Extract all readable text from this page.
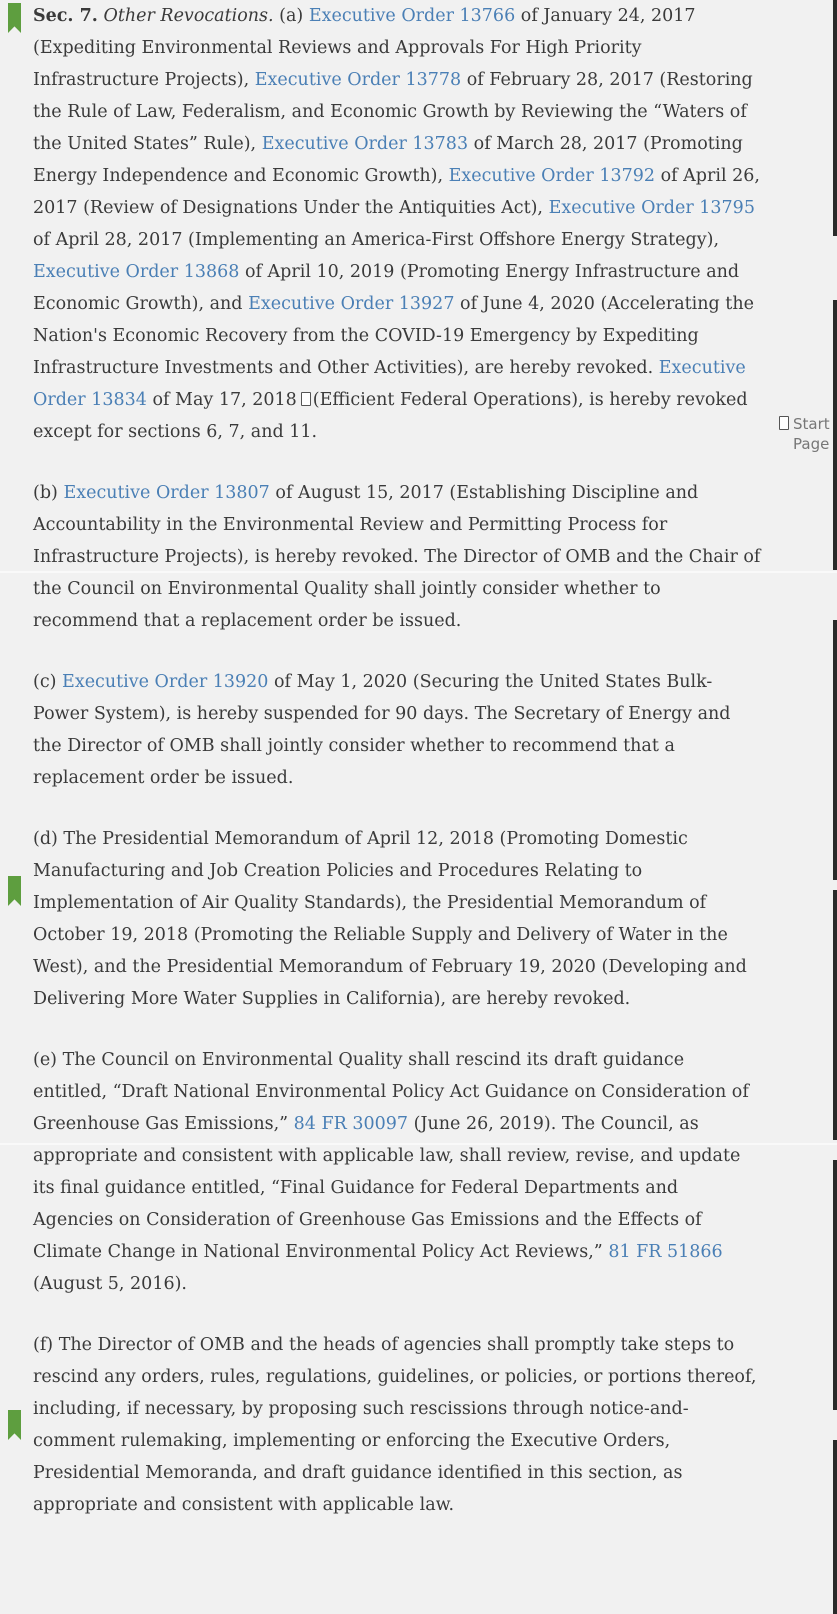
Sec. 7. Other Revocations. (a) Executive Order 13766 of January 24, 2017 (Expediting Environmental Reviews and Approvals For High Priority Infrastructure Projects), Executive Order 13778 of February 28, 2017 (Restoring the Rule of Law, Federalism, and Economic Growth by Reviewing the “Waters of the United States” Rule), Executive Order 13783 of March 28, 2017 (Promoting Energy Independence and Economic Growth), Executive Order 13792 of April 26, 2017 (Review of Designations Under the Antiquities Act), Executive Order 13795 of April 28, 2017 (Implementing an America-First Offshore Energy Strategy), Executive Order 13868 of April 10, 2019 (Promoting Energy Infrastructure and Economic Growth), and Executive Order 13927 of June 4, 2020 (Accelerating the Nation's Economic Recovery from the COVID-19 Emergency by Expediting Infrastructure Investments and Other Activities), are hereby revoked. Executive Order 13834 of May 17, 2018 (Efficient Federal Operations), is hereby revoked except for sections 6, 7, and 11.

(b) Executive Order 13807 of August 15, 2017 (Establishing Discipline and Accountability in the Environmental Review and Permitting Process for Infrastructure Projects), is hereby revoked. The Director of OMB and the Chair of the Council on Environmental Quality shall jointly consider whether to recommend that a replacement order be issued.

(c) Executive Order 13920 of May 1, 2020 (Securing the United States Bulk-Power System), is hereby suspended for 90 days. The Secretary of Energy and the Director of OMB shall jointly consider whether to recommend that a replacement order be issued.

(d) The Presidential Memorandum of April 12, 2018 (Promoting Domestic Manufacturing and Job Creation Policies and Procedures Relating to Implementation of Air Quality Standards), the Presidential Memorandum of October 19, 2018 (Promoting the Reliable Supply and Delivery of Water in the West), and the Presidential Memorandum of February 19, 2020 (Developing and Delivering More Water Supplies in California), are hereby revoked.

(e) The Council on Environmental Quality shall rescind its draft guidance entitled, “Draft National Environmental Policy Act Guidance on Consideration of Greenhouse Gas Emissions,” 84 FR 30097 (June 26, 2019). The Council, as appropriate and consistent with applicable law, shall review, revise, and update its final guidance entitled, “Final Guidance for Federal Departments and Agencies on Consideration of Greenhouse Gas Emissions and the Effects of Climate Change in National Environmental Policy Act Reviews,” 81 FR 51866 (August 5, 2016).

(f) The Director of OMB and the heads of agencies shall promptly take steps to rescind any orders, rules, regulations, guidelines, or policies, or portions thereof, including, if necessary, by proposing such rescissions through notice-and-comment rulemaking, implementing or enforcing the Executive Orders, Presidential Memoranda, and draft guidance identified in this section, as appropriate and consistent with applicable law.

Start
Page
